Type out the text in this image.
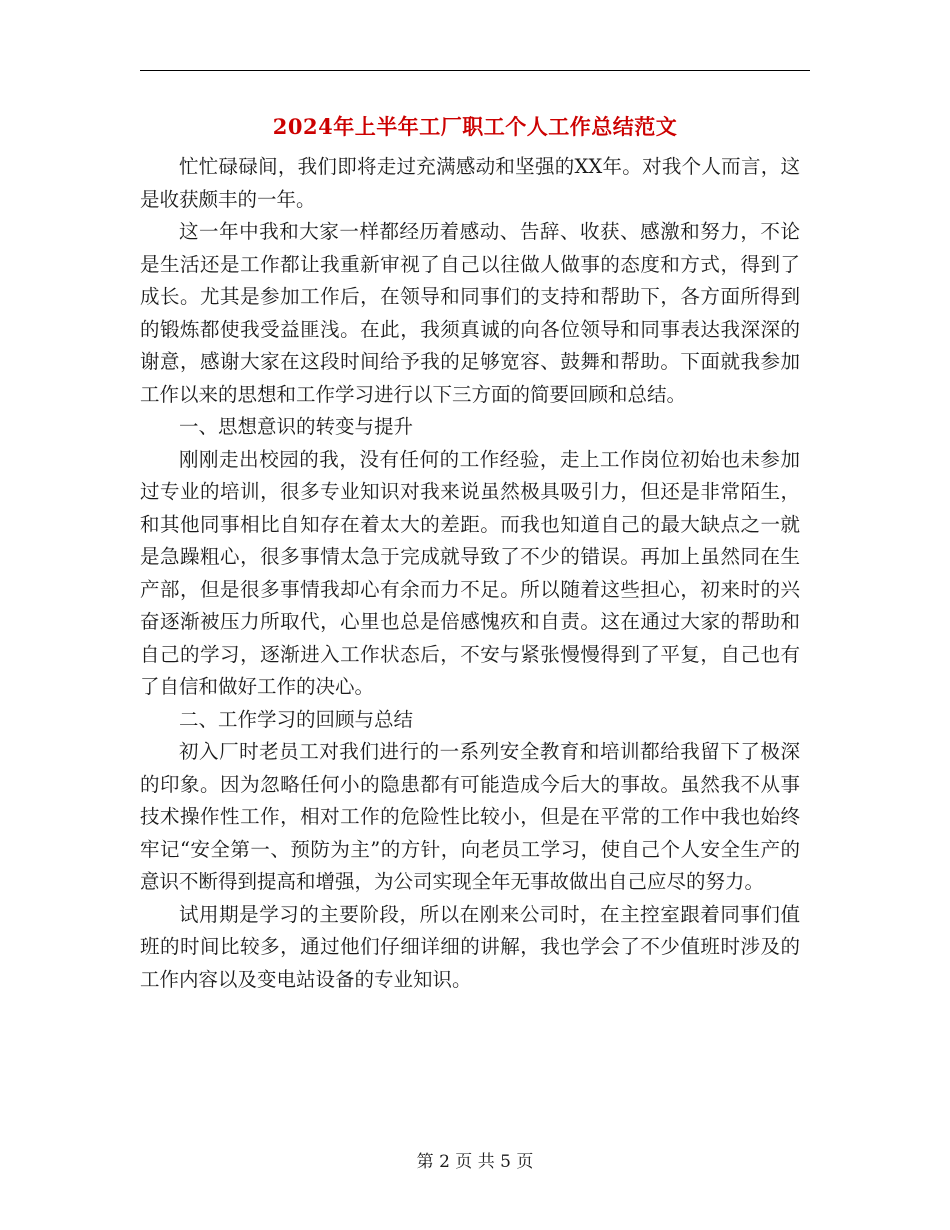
2024年上半年工厂职工个人工作总结范文

忙忙碌碌间，我们即将走过充满感动和坚强的XX年。对我个人而言，这是收获颇丰的一年。

这一年中我和大家一样都经历着感动、告辞、收获、感激和努力，不论是生活还是工作都让我重新审视了自己以往做人做事的态度和方式，得到了成长。尤其是参加工作后，在领导和同事们的支持和帮助下，各方面所得到的锻炼都使我受益匪浅。在此，我须真诚的向各位领导和同事表达我深深的谢意，感谢大家在这段时间给予我的足够宽容、鼓舞和帮助。下面就我参加工作以来的思想和工作学习进行以下三方面的简要回顾和总结。

一、思想意识的转变与提升

刚刚走出校园的我，没有任何的工作经验，走上工作岗位初始也未参加过专业的培训，很多专业知识对我来说虽然极具吸引力，但还是非常陌生，和其他同事相比自知存在着太大的差距。而我也知道自己的最大缺点之一就是急躁粗心，很多事情太急于完成就导致了不少的错误。再加上虽然同在生产部，但是很多事情我却心有余而力不足。所以随着这些担心，初来时的兴奋逐渐被压力所取代，心里也总是倍感愧疚和自责。这在通过大家的帮助和自己的学习，逐渐进入工作状态后，不安与紧张慢慢得到了平复，自己也有了自信和做好工作的决心。

二、工作学习的回顾与总结

初入厂时老员工对我们进行的一系列安全教育和培训都给我留下了极深的印象。因为忽略任何小的隐患都有可能造成今后大的事故。虽然我不从事技术操作性工作，相对工作的危险性比较小，但是在平常的工作中我也始终牢记“安全第一、预防为主”的方针，向老员工学习，使自己个人安全生产的意识不断得到提高和增强，为公司实现全年无事故做出自己应尽的努力。

试用期是学习的主要阶段，所以在刚来公司时，在主控室跟着同事们值班的时间比较多，通过他们仔细详细的讲解，我也学会了不少值班时涉及的工作内容以及变电站设备的专业知识。

第 2 页 共 5 页
